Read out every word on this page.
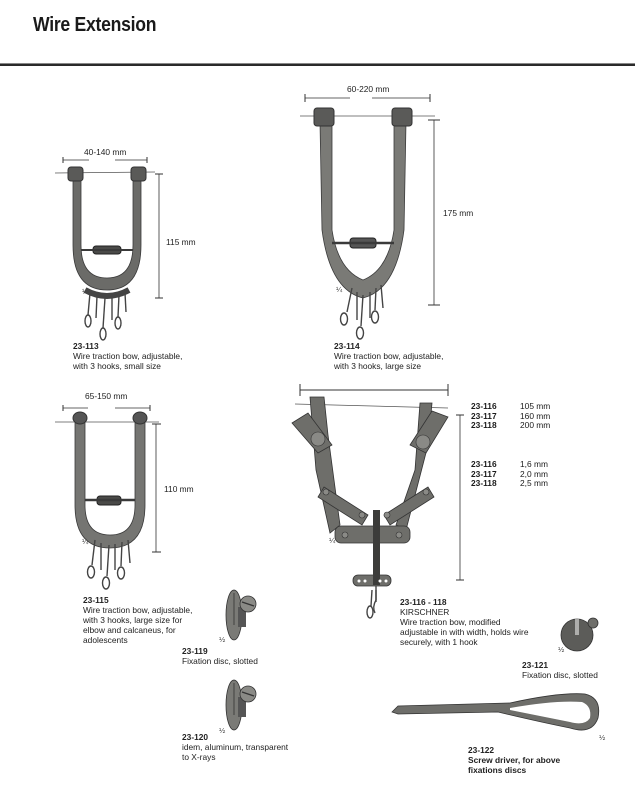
Wire Extension
40-140 mm
115 mm
¼
23-113
Wire traction bow, adjustable,
with 3 hooks, small size
60-220 mm
175 mm
¼
23-114
Wire traction bow, adjustable,
with 3 hooks, large size
65-150 mm
110 mm
¼
23-115
Wire traction bow, adjustable,
with 3 hooks, large size for
elbow and calcaneus, for
adolescents
¼
23-116	105 mm
23-117	160 mm
23-118	200 mm
23-116	1,6 mm
23-117	2,0 mm
23-118	2,5 mm
23-116 - 118
KIRSCHNER
Wire traction bow, modified
adjustable in with width, holds wire
securely, with 1 hook
½
23-119
Fixation disc, slotted
½
23-120
idem, aluminum, transparent
to X-rays
½
23-121
Fixation disc, slotted
½
23-122
Screw driver, for above
fixations discs
